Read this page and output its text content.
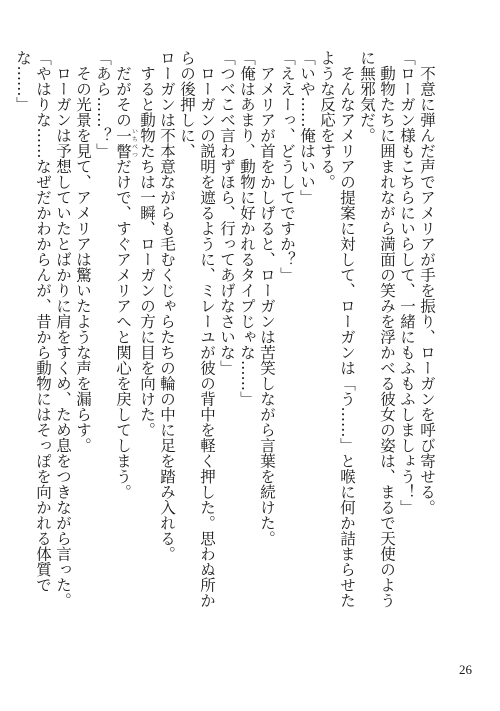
　不意に弾んだ声でアメリアが手を振り、ローガンを呼び寄せる。

「ローガン様もこちらにいらして、一緒にもふもふしましょう！」

　動物たちに囲まれながら満面の笑みを浮かべる彼女の姿は、まるで天使のように無邪気だ。

　そんなアメリアの提案に対して、ローガンは「う……」と喉に何か詰まらせたような反応をする。

「いや……俺はいい」

「ええーっ、どうしてですか？」

　アメリアが首をかしげると、ローガンは苦笑しながら言葉を続けた。

「俺はあまり、動物に好かれるタイプじゃな……」

「つべこべ言わずほら、行ってあげなさいな」

　ローガンの説明を遮るように、ミレーユが彼の背中を軽く押した。思わぬ所からの後押しに、

ローガンは不本意ながらも毛むくじゃらたちの輪の中に足を踏み入れる。

　すると動物たちは一瞬、ローガンの方に目を向けた。

　だがその一瞥いちべつだけで、すぐアメリアへと関心を戻してしまう。

「あら……？」

　その光景を見て、アメリアは驚いたような声を漏らす。

　ローガンは予想していたとばかりに肩をすくめ、ため息をつきながら言った。

「やはりな……なぜだかわからんが、昔から動物にはそっぽを向かれる体質でな……」

26
